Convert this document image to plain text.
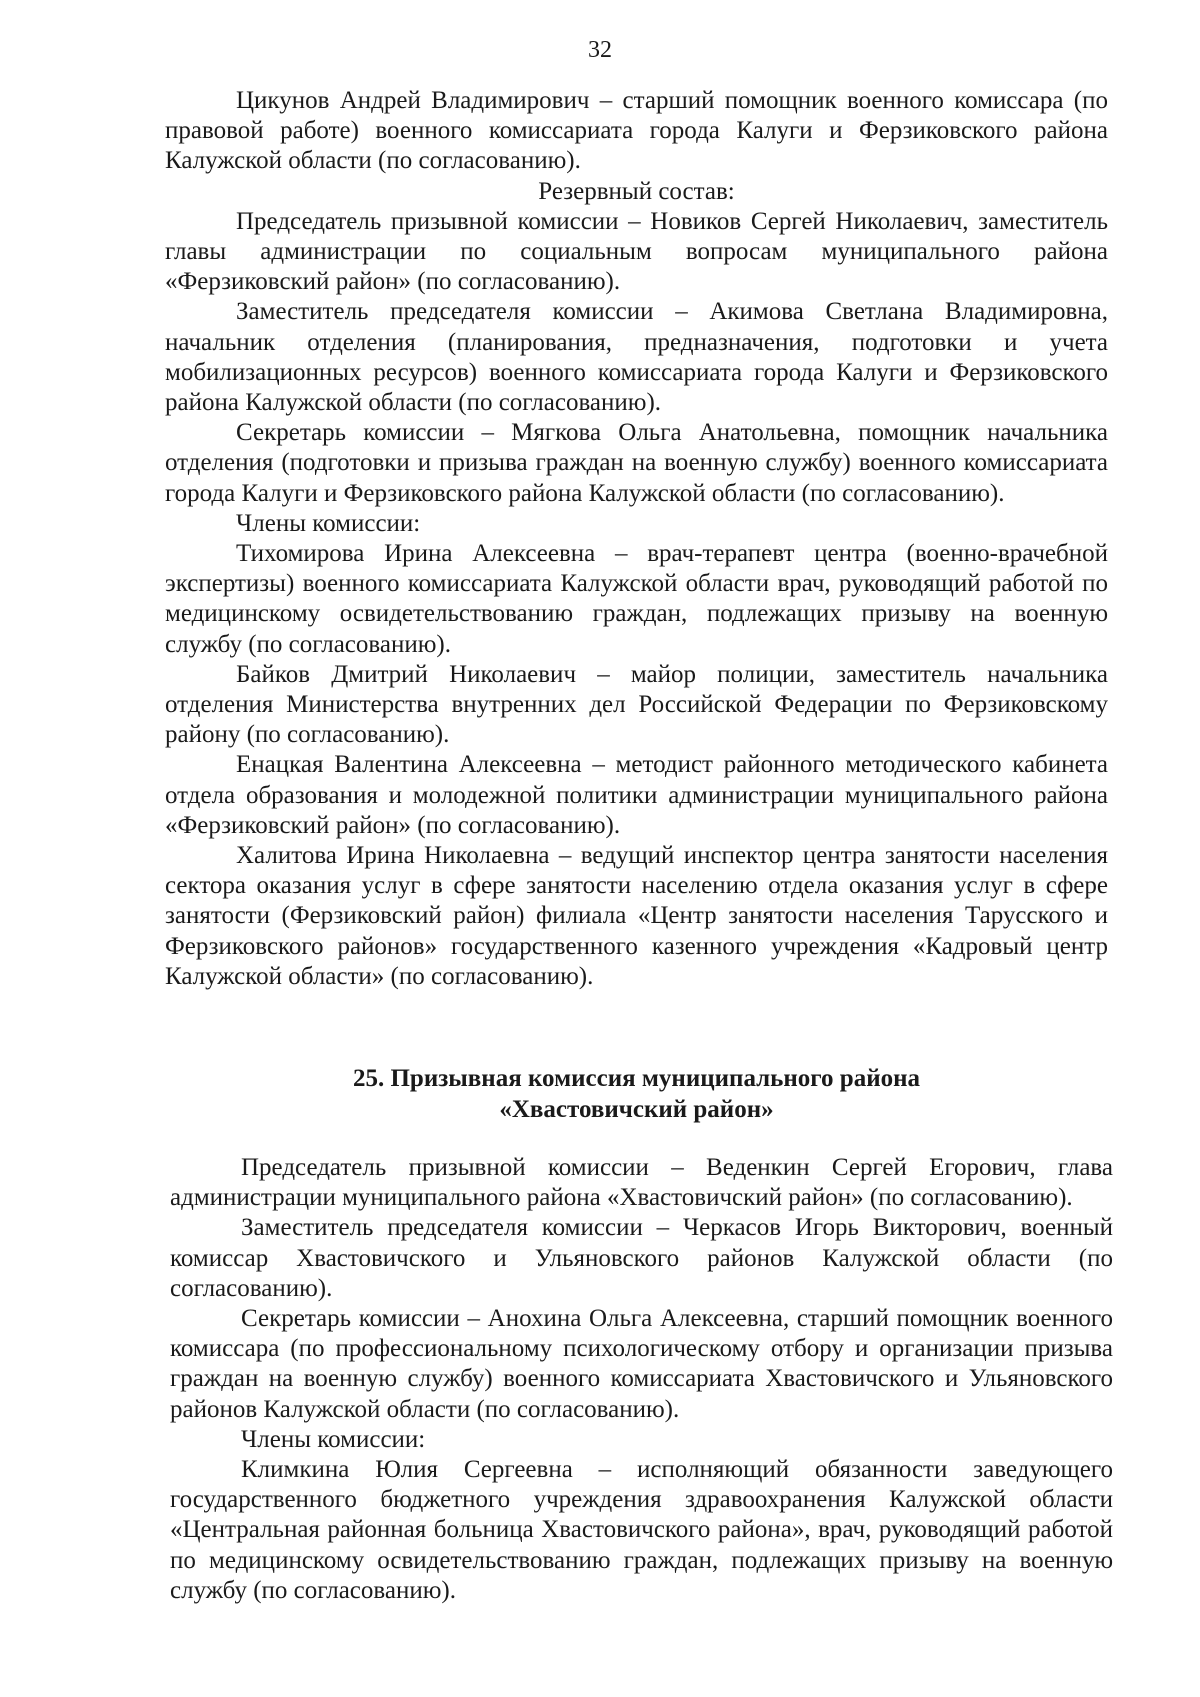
32

Цикунов Андрей Владимирович – старший помощник военного комиссара (по правовой работе) военного комиссариата города Калуги и Ферзиковского района Калужской области (по согласованию).

Резервный состав:

Председатель призывной комиссии – Новиков Сергей Николаевич, заместитель главы администрации по социальным вопросам муниципального района «Ферзиковский район» (по согласованию).

Заместитель председателя комиссии – Акимова Светлана Владимировна, начальник отделения (планирования, предназначения, подготовки и учета мобилизационных ресурсов) военного комиссариата города Калуги и Ферзиковского района Калужской области (по согласованию).

Секретарь комиссии – Мягкова Ольга Анатольевна, помощник начальника отделения (подготовки и призыва граждан на военную службу) военного комиссариата города Калуги и Ферзиковского района Калужской области (по согласованию).

Члены комиссии:

Тихомирова Ирина Алексеевна – врач-терапевт центра (военно-врачебной экспертизы) военного комиссариата Калужской области врач, руководящий работой по медицинскому освидетельствованию граждан, подлежащих призыву на военную службу (по согласованию).

Байков Дмитрий Николаевич – майор полиции, заместитель начальника отделения Министерства внутренних дел Российской Федерации по Ферзиковскому району (по согласованию).

Енацкая Валентина Алексеевна – методист районного методического кабинета отдела образования и молодежной политики администрации муниципального района «Ферзиковский район» (по согласованию).

Халитова Ирина Николаевна – ведущий инспектор центра занятости населения сектора оказания услуг в сфере занятости населению отдела оказания услуг в сфере занятости (Ферзиковский район) филиала «Центр занятости населения Тарусского и Ферзиковского районов» государственного казенного учреждения «Кадровый центр Калужской области» (по согласованию).

25. Призывная комиссия муниципального района
«Хвастовичский район»

Председатель призывной комиссии – Веденкин Сергей Егорович, глава администрации муниципального района «Хвастовичский район» (по согласованию).

Заместитель председателя комиссии – Черкасов Игорь Викторович, военный комиссар Хвастовичского и Ульяновского районов Калужской области (по согласованию).

Секретарь комиссии – Анохина Ольга Алексеевна, старший помощник военного комиссара (по профессиональному психологическому отбору и организации призыва граждан на военную службу) военного комиссариата Хвастовичского и Ульяновского районов Калужской области (по согласованию).

Члены комиссии:

Климкина Юлия Сергеевна – исполняющий обязанности заведующего государственного бюджетного учреждения здравоохранения Калужской области «Центральная районная больница Хвастовичского района», врач, руководящий работой по медицинскому освидетельствованию граждан, подлежащих призыву на военную службу (по согласованию).
